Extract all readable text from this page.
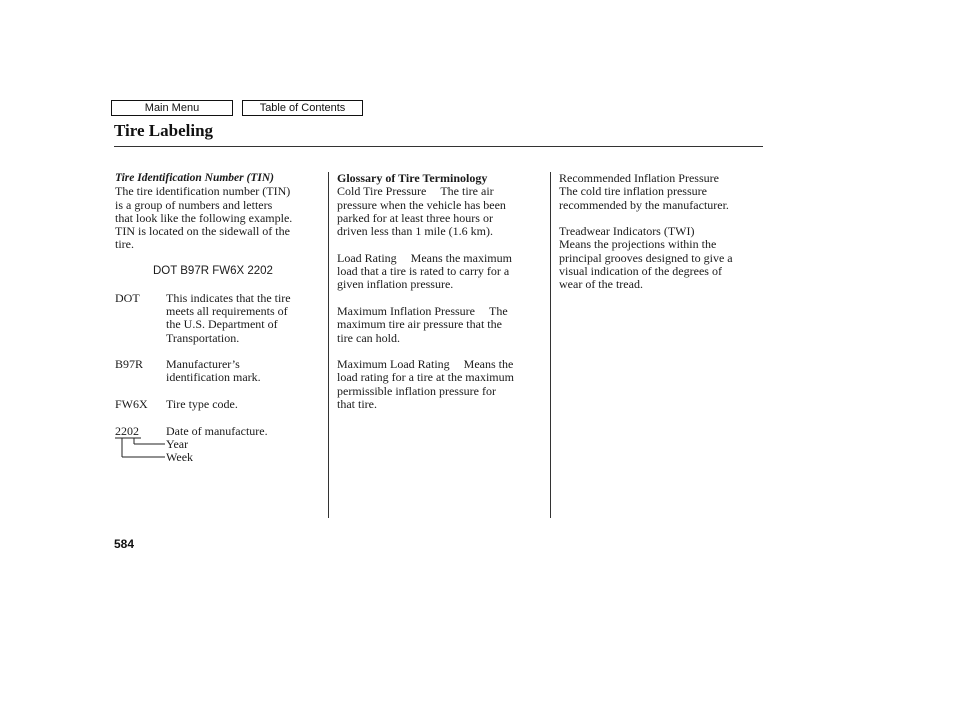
Main Menu	Table of Contents
Tire Labeling

Tire Identification Number (TIN)

The tire identification number (TIN)

is a group of numbers and letters

that look like the following example.

TIN is located on the sidewall of the

tire.

DOT B97R FW6X 2202

DOT This indicates that the tire

meets all requirements of

the U.S. Department of

Transportation.

B97R Manufacturer’s

identification mark.

FW6X Tire type code.

2202 Date of manufacture.

Year

Week

Glossary of Tire Terminology

Cold Tire Pressure The tire air

pressure when the vehicle has been

parked for at least three hours or

driven less than 1 mile (1.6 km).

Load Rating Means the maximum

load that a tire is rated to carry for a

given inflation pressure.

Maximum Inflation Pressure The

maximum tire air pressure that the

tire can hold.

Maximum Load Rating Means the

load rating for a tire at the maximum

permissible inflation pressure for

that tire.

Recommended Inflation Pressure

The cold tire inflation pressure

recommended by the manufacturer.

Treadwear Indicators (TWI)

Means the projections within the

principal grooves designed to give a

visual indication of the degrees of

wear of the tread.

584
